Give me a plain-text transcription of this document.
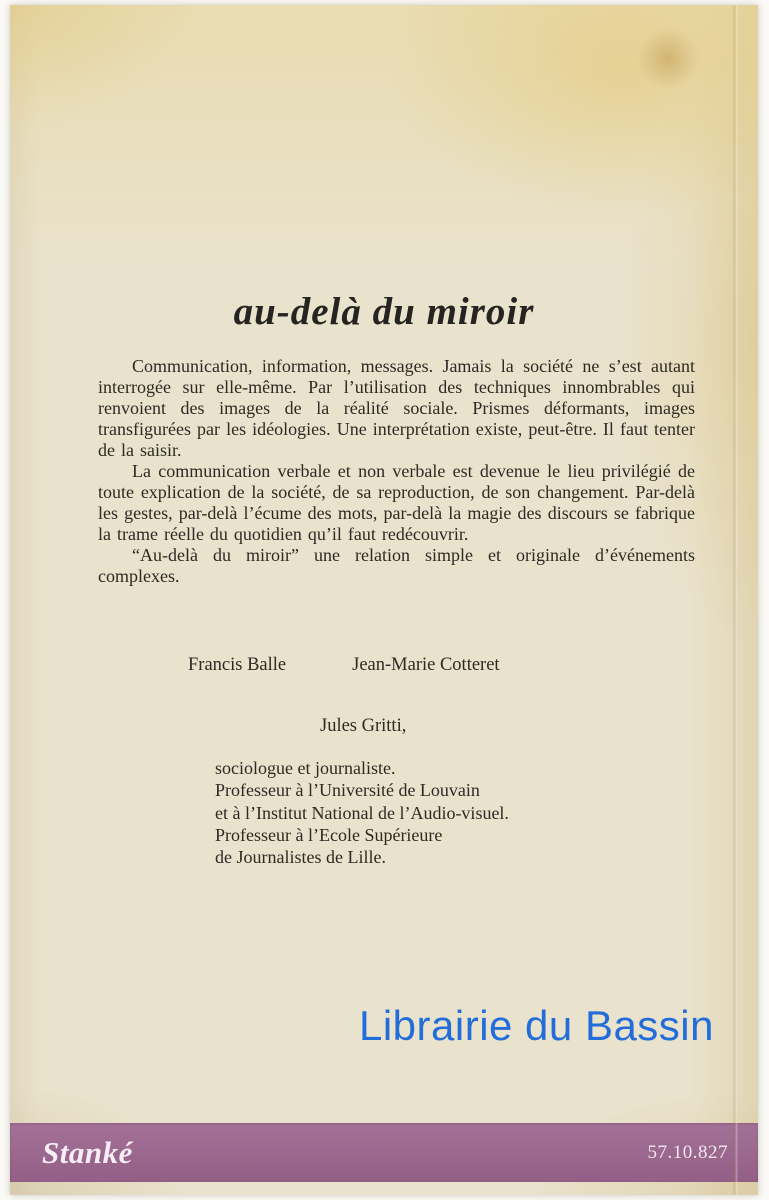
au-delà du miroir

Communication, information, messages. Jamais la société ne s’est autant interrogée sur elle-même. Par l’utilisation des techniques innombrables qui renvoient des images de la réalité sociale. Prismes déformants, images transfigurées par les idéologies. Une interprétation existe, peut-être. Il faut tenter de la saisir.

La communication verbale et non verbale est devenue le lieu privilégié de toute explication de la société, de sa reproduction, de son changement. Par-delà les gestes, par-delà l’écume des mots, par-delà la magie des discours se fabrique la trame réelle du quotidien qu’il faut redécouvrir.

“Au-delà du miroir” une relation simple et originale d’événements complexes.

Francis Balle	Jean-Marie Cotteret
Jules Gritti,
sociologue et journaliste.
Professeur à l’Université de Louvain
et à l’Institut National de l’Audio-visuel.
Professeur à l’Ecole Supérieure
de Journalistes de Lille.
Librairie du Bassin
Stanké	57.10.827
